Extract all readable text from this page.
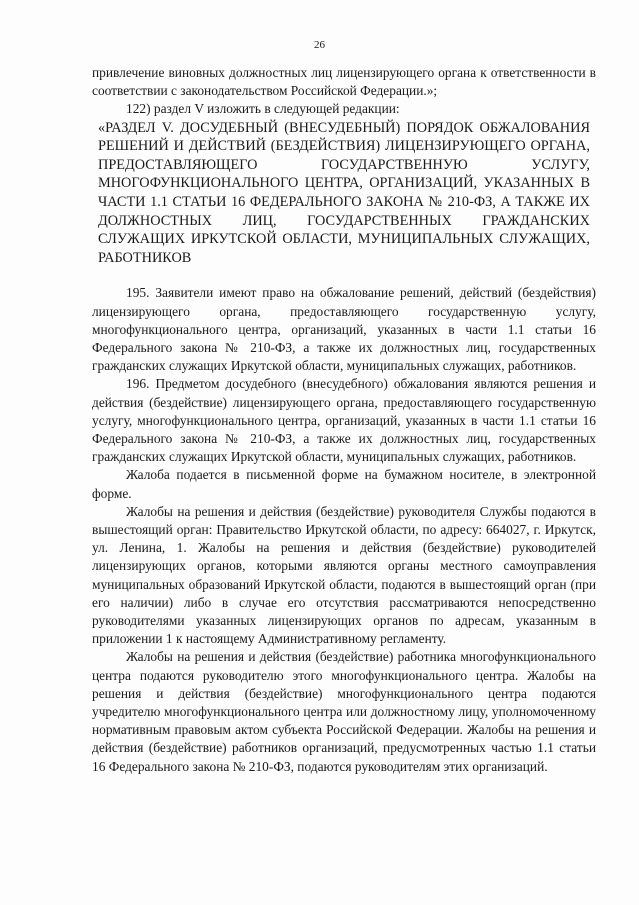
26

привлечение виновных должностных лиц лицензирующего органа к ответственности в соответствии с законодательством Российской Федерации.»;

122) раздел V изложить в следующей редакции:

«РАЗДЕЛ V. ДОСУДЕБНЫЙ (ВНЕСУДЕБНЫЙ) ПОРЯДОК ОБЖАЛОВАНИЯ РЕШЕНИЙ И ДЕЙСТВИЙ (БЕЗДЕЙСТВИЯ) ЛИЦЕНЗИРУЮЩЕГО ОРГАНА, ПРЕДОСТАВЛЯЮЩЕГО ГОСУДАРСТВЕННУЮ УСЛУГУ, МНОГОФУНКЦИОНАЛЬНОГО ЦЕНТРА, ОРГАНИЗАЦИЙ, УКАЗАННЫХ В ЧАСТИ 1.1 СТАТЬИ 16 ФЕДЕРАЛЬНОГО ЗАКОНА № 210-ФЗ, А ТАКЖЕ ИХ ДОЛЖНОСТНЫХ ЛИЦ, ГОСУДАРСТВЕННЫХ ГРАЖДАНСКИХ СЛУЖАЩИХ ИРКУТСКОЙ ОБЛАСТИ, МУНИЦИПАЛЬНЫХ СЛУЖАЩИХ, РАБОТНИКОВ

195. Заявители имеют право на обжалование решений, действий (бездействия) лицензирующего органа, предоставляющего государственную услугу, многофункционального центра, организаций, указанных в части 1.1 статьи 16 Федерального закона № 210-ФЗ, а также их должностных лиц, государственных гражданских служащих Иркутской области, муниципальных служащих, работников.

196. Предметом досудебного (внесудебного) обжалования являются решения и действия (бездействие) лицензирующего органа, предоставляющего государственную услугу, многофункционального центра, организаций, указанных в части 1.1 статьи 16 Федерального закона № 210-ФЗ, а также их должностных лиц, государственных гражданских служащих Иркутской области, муниципальных служащих, работников.

Жалоба подается в письменной форме на бумажном носителе, в электронной форме.

Жалобы на решения и действия (бездействие) руководителя Службы подаются в вышестоящий орган: Правительство Иркутской области, по адресу: 664027, г. Иркутск, ул. Ленина, 1. Жалобы на решения и действия (бездействие) руководителей лицензирующих органов, которыми являются органы местного самоуправления муниципальных образований Иркутской области, подаются в вышестоящий орган (при его наличии) либо в случае его отсутствия рассматриваются непосредственно руководителями указанных лицензирующих органов по адресам, указанным в приложении 1 к настоящему Административному регламенту.

Жалобы на решения и действия (бездействие) работника многофункционального центра подаются руководителю этого многофункционального центра. Жалобы на решения и действия (бездействие) многофункционального центра подаются учредителю многофункционального центра или должностному лицу, уполномоченному нормативным правовым актом субъекта Российской Федерации. Жалобы на решения и действия (бездействие) работников организаций, предусмотренных частью 1.1 статьи 16 Федерального закона № 210-ФЗ, подаются руководителям этих организаций.
